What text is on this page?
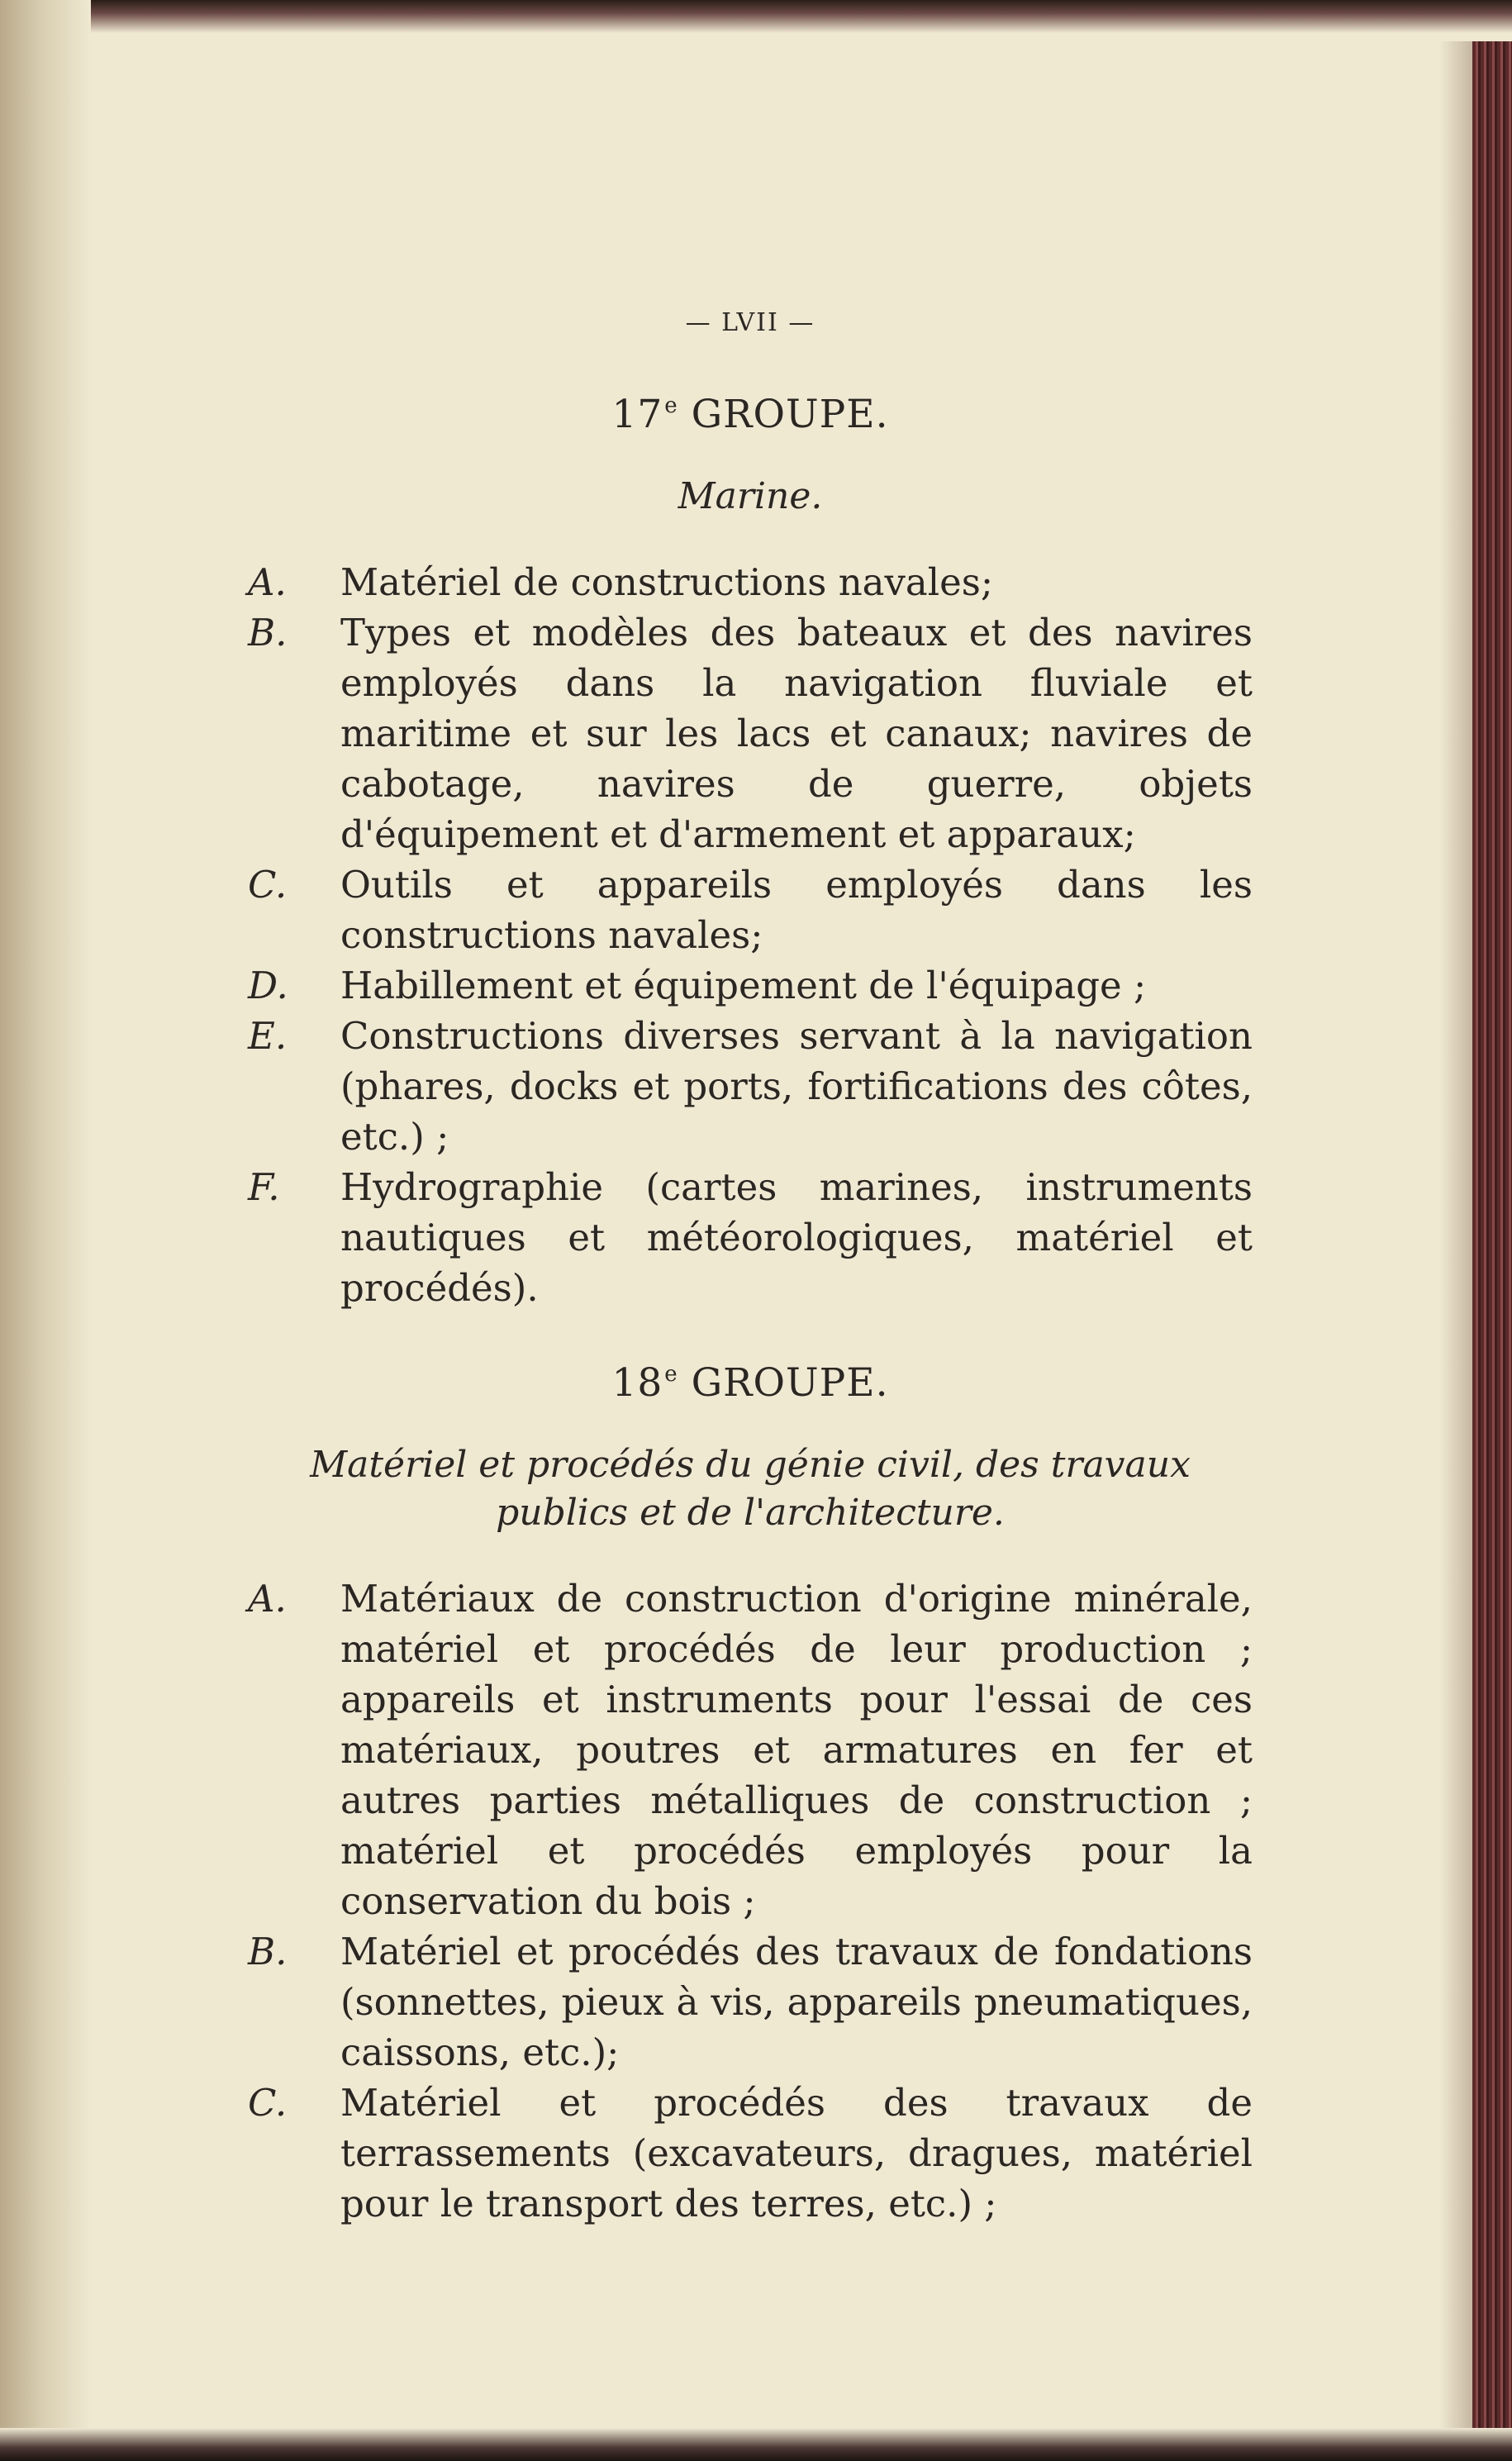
— LVII —
17e GROUPE.
Marine.
A.	Matériel de constructions navales;
B.	Types et modèles des bateaux et des navires employés dans la navigation fluviale et maritime et sur les lacs et canaux; navires de cabotage, navires de guerre, objets d'équipement et d'armement et apparaux;
C.	Outils et appareils employés dans les constructions navales;
D.	Habillement et équipement de l'équipage ;
E.	Constructions diverses servant à la navigation (phares, docks et ports, fortifications des côtes, etc.) ;
F.	Hydrographie (cartes marines, instruments nautiques et météorologiques, matériel et procédés).
18e GROUPE.
Matériel et procédés du génie civil, des travaux publics et de l'architecture.
A.	Matériaux de construction d'origine minérale, matériel et procédés de leur production ; appareils et instruments pour l'essai de ces matériaux, poutres et armatures en fer et autres parties métalliques de construction ; matériel et procédés employés pour la conservation du bois ;
B.	Matériel et procédés des travaux de fondations (sonnettes, pieux à vis, appareils pneumatiques, caissons, etc.);
C.	Matériel et procédés des travaux de terrassements (excavateurs, dragues, matériel pour le transport des terres, etc.) ;
